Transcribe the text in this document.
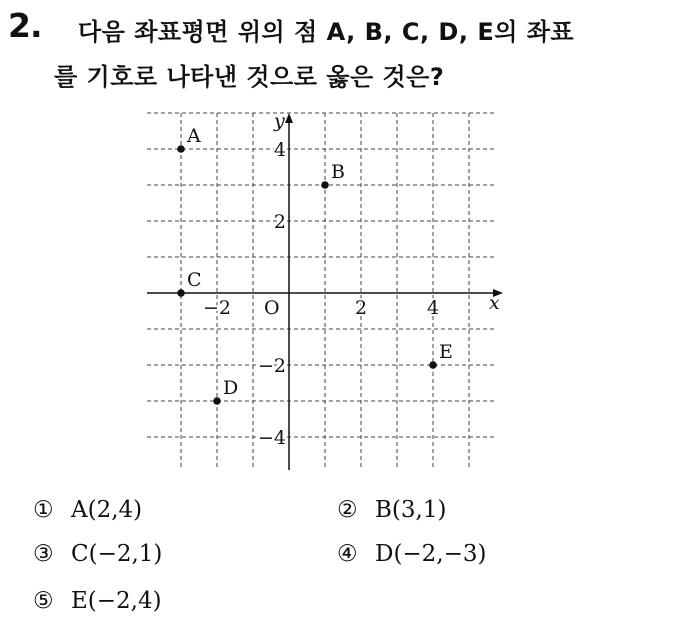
2. 다음 좌표평면 위의 점 A, B, C, D, E의 좌표
를 기호로 나타낸 것으로 옳은 것은?
x
y
O
−2	2	4
4
2
−2
−4
A
B
C
D
E
① A(2,4)	② B(3,1)
③ C(−2,1)	④ D(−2,−3)
⑤ E(−2,4)
